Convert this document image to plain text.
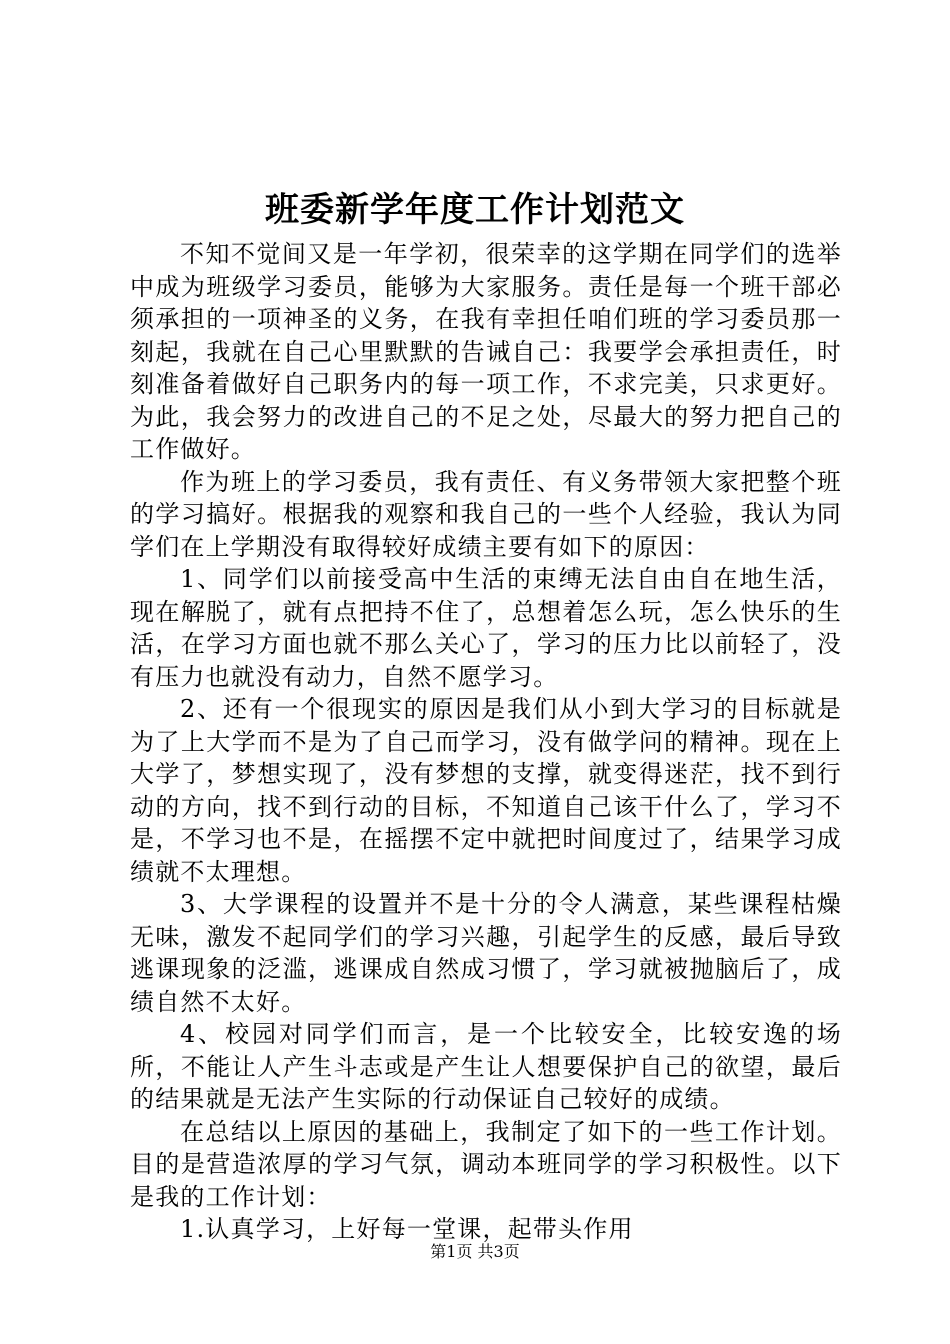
班委新学年度工作计划范文

不知不觉间又是一年学初，很荣幸的这学期在同学们的选举中成为班级学习委员，能够为大家服务。责任是每一个班干部必须承担的一项神圣的义务，在我有幸担任咱们班的学习委员那一刻起，我就在自己心里默默的告诫自己：我要学会承担责任，时刻准备着做好自己职务内的每一项工作，不求完美，只求更好。为此，我会努力的改进自己的不足之处，尽最大的努力把自己的工作做好。

作为班上的学习委员，我有责任、有义务带领大家把整个班的学习搞好。根据我的观察和我自己的一些个人经验，我认为同学们在上学期没有取得较好成绩主要有如下的原因：

1、同学们以前接受高中生活的束缚无法自由自在地生活，现在解脱了，就有点把持不住了，总想着怎么玩，怎么快乐的生活，在学习方面也就不那么关心了，学习的压力比以前轻了，没有压力也就没有动力，自然不愿学习。

2、还有一个很现实的原因是我们从小到大学习的目标就是为了上大学而不是为了自己而学习，没有做学问的精神。现在上大学了，梦想实现了，没有梦想的支撑，就变得迷茫，找不到行动的方向，找不到行动的目标，不知道自己该干什么了，学习不是，不学习也不是，在摇摆不定中就把时间度过了，结果学习成绩就不太理想。

3、大学课程的设置并不是十分的令人满意，某些课程枯燥无味，激发不起同学们的学习兴趣，引起学生的反感，最后导致逃课现象的泛滥，逃课成自然成习惯了，学习就被抛脑后了，成绩自然不太好。

4、校园对同学们而言，是一个比较安全，比较安逸的场所，不能让人产生斗志或是产生让人想要保护自己的欲望，最后的结果就是无法产生实际的行动保证自己较好的成绩。

在总结以上原因的基础上，我制定了如下的一些工作计划。目的是营造浓厚的学习气氛，调动本班同学的学习积极性。以下是我的工作计划：

1.认真学习，上好每一堂课，起带头作用

第1页 共3页
